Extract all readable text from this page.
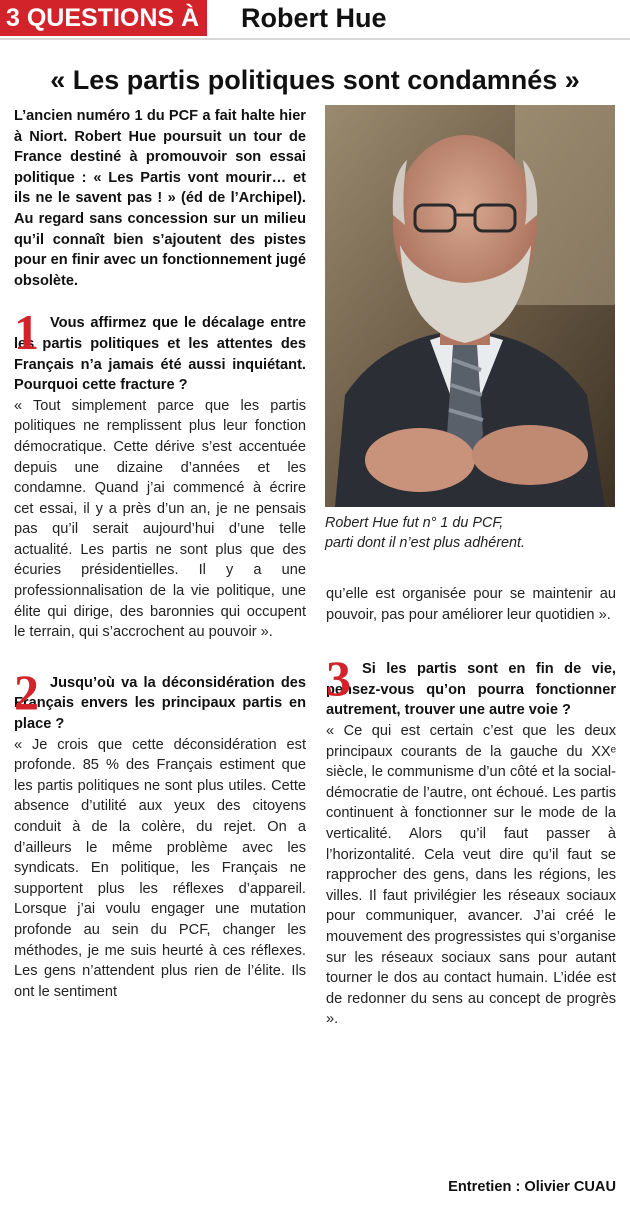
3 QUESTIONS À Robert Hue
« Les partis politiques sont condamnés »

L’ancien numéro 1 du PCF a fait halte hier à Niort. Robert Hue poursuit un tour de France destiné à promouvoir son essai politique : « Les Partis vont mourir… et ils ne le savent pas ! » (éd de l’Archipel). Au regard sans concession sur un milieu qu’il connaît bien s’ajoutent des pistes pour en finir avec un fonctionnement jugé obsolète.

1 Vous affirmez que le décalage entre les partis politiques et les attentes des Français n’a jamais été aussi inquiétant. Pourquoi cette fracture ?

« Tout simplement parce que les partis politiques ne remplissent plus leur fonction démocratique. Cette dérive s’est accentuée depuis une dizaine d’années et les condamne. Quand j’ai commencé à écrire cet essai, il y a près d’un an, je ne pensais pas qu’il serait aujourd’hui d’une telle actualité. Les partis ne sont plus que des écuries présidentielles. Il y a une professionnalisation de la vie politique, une élite qui dirige, des baronnies qui occupent le terrain, qui s’accrochent au pouvoir ».

2 Jusqu’où va la déconsidération des Français envers les principaux partis en place ?

« Je crois que cette déconsidération est profonde. 85 % des Français estiment que les partis politiques ne sont plus utiles. Cette absence d’utilité aux yeux des citoyens conduit à de la colère, du rejet. On a d’ailleurs le même problème avec les syndicats. En politique, les Français ne supportent plus les réflexes d’appareil. Lorsque j’ai voulu engager une mutation profonde au sein du PCF, changer les méthodes, je me suis heurté à ces réflexes. Les gens n’attendent plus rien de l’élite. Ils ont le sentiment

Robert Hue fut n° 1 du PCF,
parti dont il n’est plus adhérent.

qu’elle est organisée pour se maintenir au pouvoir, pas pour améliorer leur quotidien ».

3 Si les partis sont en fin de vie, pensez-vous qu’on pourra fonctionner autrement, trouver une autre voie ?

« Ce qui est certain c’est que les deux principaux courants de la gauche du XXᵉ siècle, le communisme d’un côté et la social-démocratie de l’autre, ont échoué. Les partis continuent à fonctionner sur le mode de la verticalité. Alors qu’il faut passer à l’horizontalité. Cela veut dire qu’il faut se rapprocher des gens, dans les régions, les villes. Il faut privilégier les réseaux sociaux pour communiquer, avancer. J’ai créé le mouvement des progressistes qui s’organise sur les réseaux sociaux sans pour autant tourner le dos au contact humain. L’idée est de redonner du sens au concept de progrès ».

Entretien : Olivier CUAU
